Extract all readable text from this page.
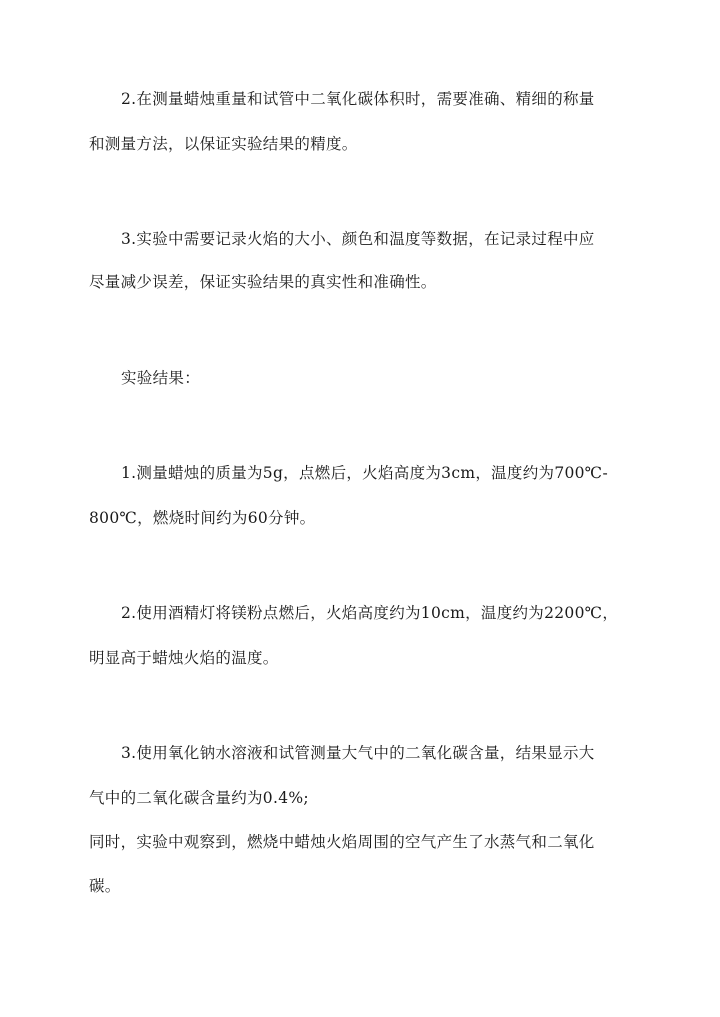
2.在测量蜡烛重量和试管中二氧化碳体积时，需要准确、精细的称量
和测量方法，以保证实验结果的精度。
3.实验中需要记录火焰的大小、颜色和温度等数据，在记录过程中应
尽量减少误差，保证实验结果的真实性和准确性。
实验结果：
1.测量蜡烛的质量为5g，点燃后，火焰高度为3cm，温度约为700℃-
800℃，燃烧时间约为60分钟。
2.使用酒精灯将镁粉点燃后，火焰高度约为10cm，温度约为2200℃，
明显高于蜡烛火焰的温度。
3.使用氧化钠水溶液和试管测量大气中的二氧化碳含量，结果显示大
气中的二氧化碳含量约为0.4%;
同时，实验中观察到，燃烧中蜡烛火焰周围的空气产生了水蒸气和二氧化
碳。
